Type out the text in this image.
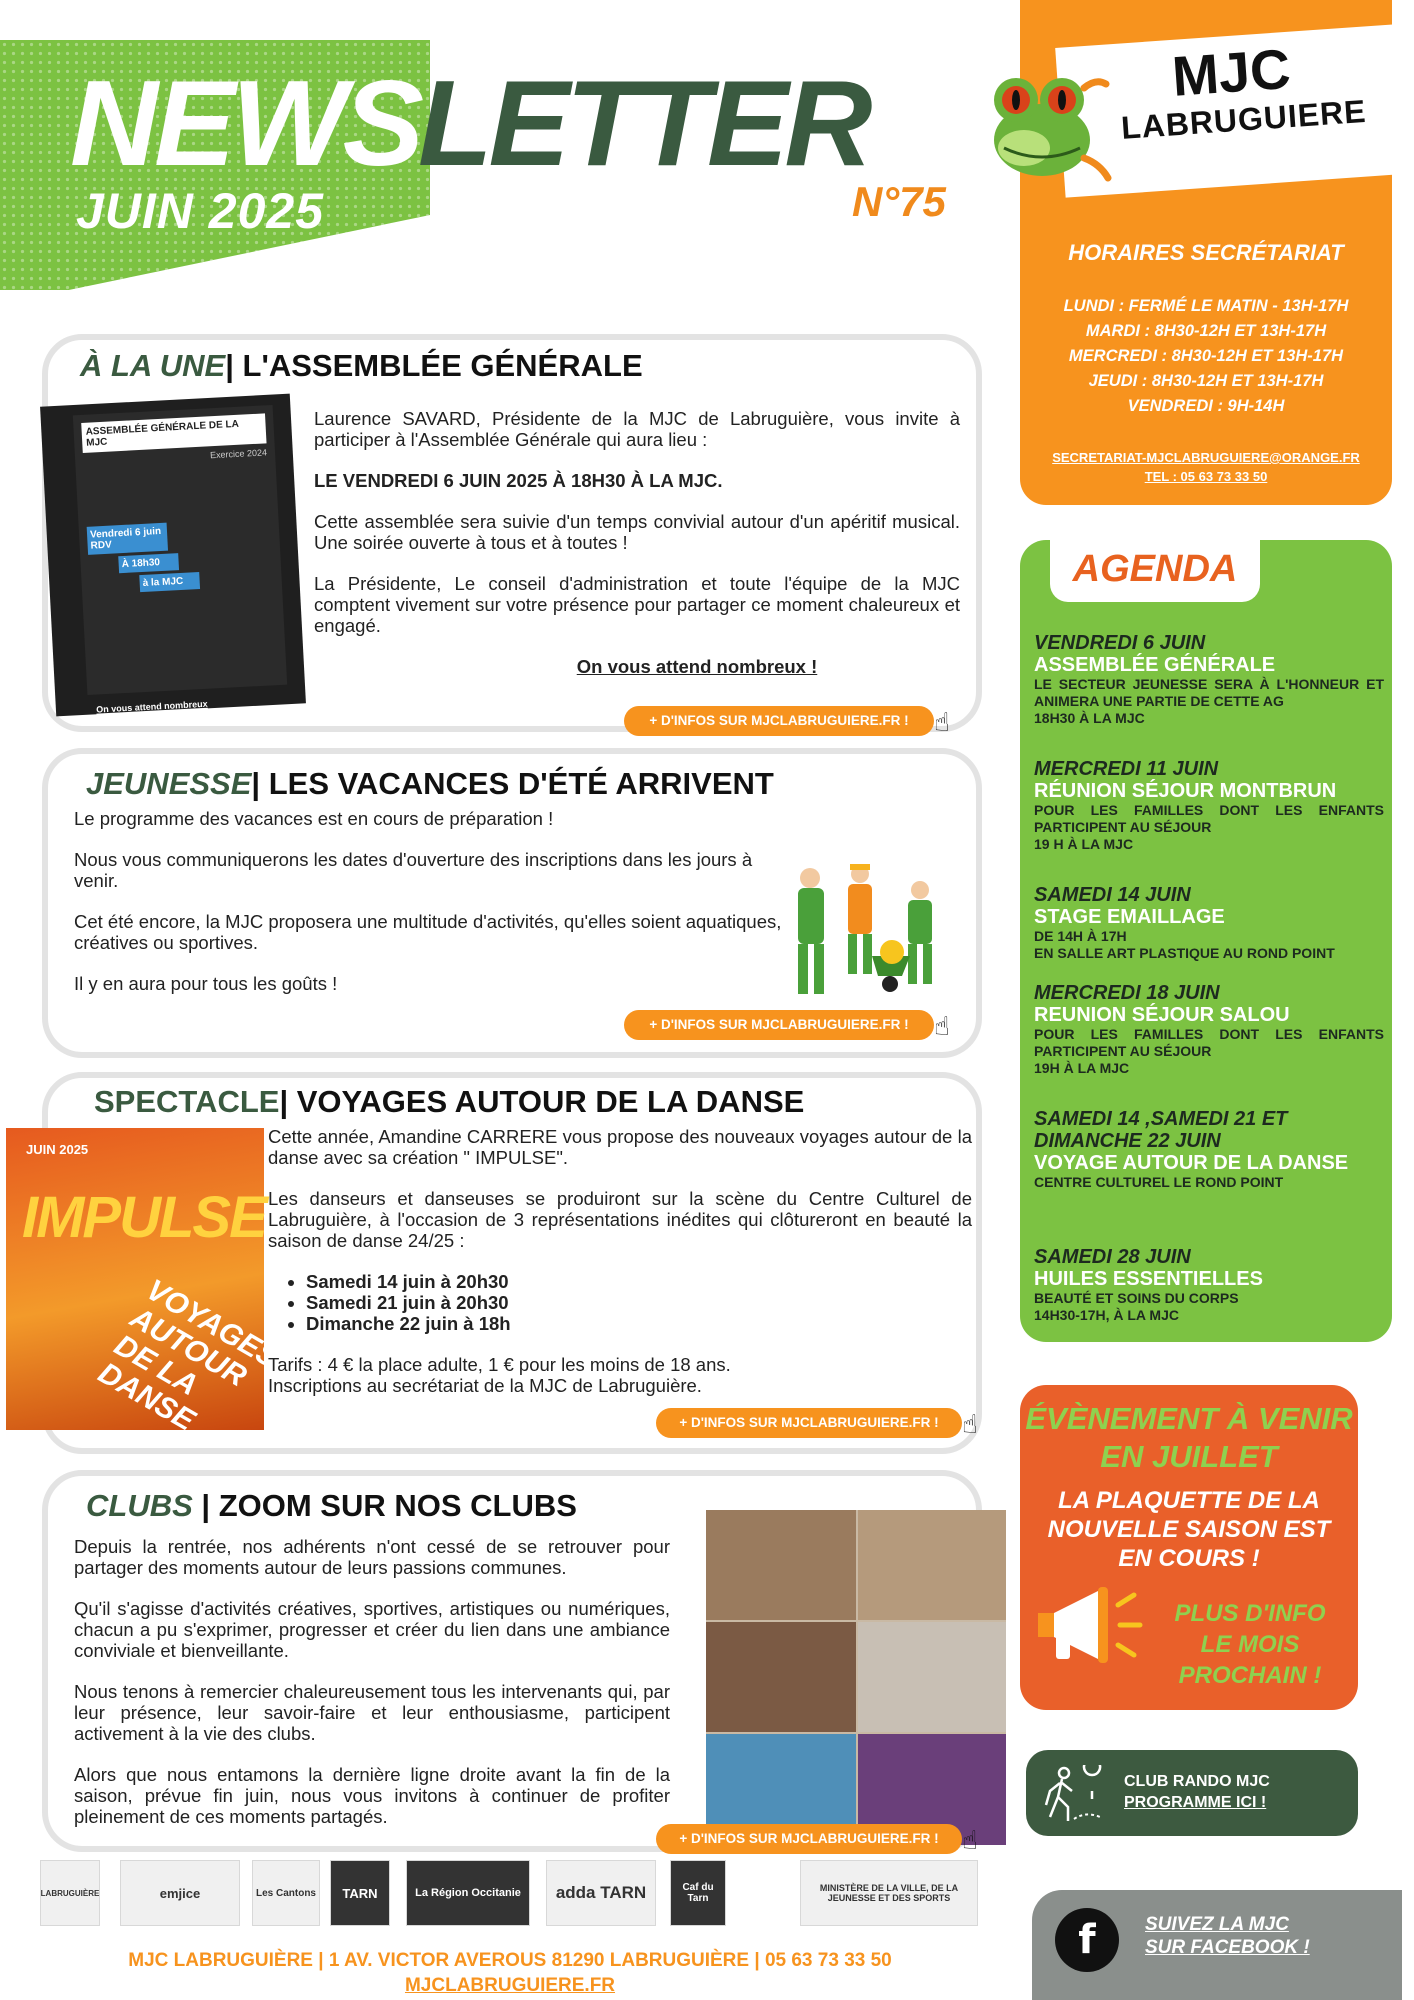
NEWS
LETTER
JUIN 2025	N°75
MJC
LABRUGUIERE
HORAIRES SECRÉTARIAT
LUNDI : FERMÉ LE MATIN - 13H-17H
MARDI : 8H30-12H ET 13H-17H
MERCREDI : 8H30-12H ET 13H-17H
JEUDI : 8H30-12H ET 13H-17H
VENDREDI : 9H-14H
SECRETARIAT-MJCLABRUGUIERE@ORANGE.FR
TEL : 05 63 73 33 50
AGENDA
VENDREDI 6 JUIN
ASSEMBLÉE GÉNÉRALE
LE SECTEUR JEUNESSE SERA À L'HONNEUR ET ANIMERA UNE PARTIE DE CETTE AG
18H30 À LA MJC
MERCREDI 11 JUIN
RÉUNION SÉJOUR MONTBRUN
POUR LES FAMILLES DONT LES ENFANTS PARTICIPENT AU SÉJOUR
19 H À LA MJC
SAMEDI 14 JUIN
STAGE EMAILLAGE
DE 14H À 17H
EN SALLE ART PLASTIQUE AU ROND POINT
MERCREDI 18 JUIN
REUNION SÉJOUR SALOU
POUR LES FAMILLES DONT LES ENFANTS PARTICIPENT AU SÉJOUR
19H À LA MJC
SAMEDI 14 ,SAMEDI 21 ET DIMANCHE 22 JUIN
VOYAGE AUTOUR DE LA DANSE
CENTRE CULTUREL LE ROND POINT
SAMEDI 28 JUIN
HUILES ESSENTIELLES
BEAUTÉ ET SOINS DU CORPS
14H30-17H, À LA MJC
ÉVÈNEMENT À VENIR EN JUILLET
LA PLAQUETTE DE LA NOUVELLE SAISON EST EN COURS !
PLUS D'INFO LE MOIS PROCHAIN !
CLUB RANDO MJC
PROGRAMME ICI !
f	SUIVEZ LA MJC
SUR FACEBOOK !
À LA UNE| L'ASSEMBLÉE GÉNÉRALE
ASSEMBLÉE GÉNÉRALE DE LA MJC
Exercice 2024
Vendredi 6 juin RDV
À 18h30
à la MJC
On vous attend nombreux

Laurence SAVARD, Présidente de la MJC de Labruguière, vous invite à participer à l'Assemblée Générale qui aura lieu :

LE VENDREDI 6 JUIN 2025 À 18H30 À LA MJC.

Cette assemblée sera suivie d'un temps convivial autour d'un apéritif musical. Une soirée ouverte à tous et à toutes !

La Présidente, Le conseil d'administration et toute l'équipe de la MJC comptent vivement sur votre présence pour partager ce moment chaleureux et engagé.

On vous attend nombreux !

+ D'INFOS SUR MJCLABRUGUIERE.FR ! ☝
JEUNESSE| LES VACANCES D'ÉTÉ ARRIVENT

Le programme des vacances est en cours de préparation !

Nous vous communiquerons les dates d'ouverture des inscriptions dans les jours à venir.

Cet été encore, la MJC proposera une multitude d'activités, qu'elles soient aquatiques, créatives ou sportives.

Il y en aura pour tous les goûts !

+ D'INFOS SUR MJCLABRUGUIERE.FR ! ☝
SPECTACLE| VOYAGES AUTOUR DE LA DANSE
JUIN 2025
IMPULSE
VOYAGES AUTOUR DE LA DANSE

Cette année, Amandine CARRERE vous propose des nouveaux voyages autour de la danse avec sa création " IMPULSE".

Les danseurs et danseuses se produiront sur la scène du Centre Culturel de Labruguière, à l'occasion de 3 représentations inédites qui clôtureront en beauté la saison de danse 24/25 :

• Samedi 14 juin à 20h30
• Samedi 21 juin à 20h30
• Dimanche 22 juin à 18h
Tarifs : 4 € la place adulte, 1 € pour les moins de 18 ans.
Inscriptions au secrétariat de la MJC de Labruguière.
+ D'INFOS SUR MJCLABRUGUIERE.FR ! ☝
CLUBS | ZOOM SUR NOS CLUBS

Depuis la rentrée, nos adhérents n'ont cessé de se retrouver pour partager des moments autour de leurs passions communes.

Qu'il s'agisse d'activités créatives, sportives, artistiques ou numériques, chacun a pu s'exprimer, progresser et créer du lien dans une ambiance conviviale et bienveillante.

Nous tenons à remercier chaleureusement tous les intervenants qui, par leur présence, leur savoir-faire et leur enthousiasme, participent activement à la vie des clubs.

Alors que nous entamons la dernière ligne droite avant la fin de la saison, prévue fin juin, nous vous invitons à continuer de profiter pleinement de ces moments partagés.

+ D'INFOS SUR MJCLABRUGUIERE.FR ! ☝
LABRUGUIÈRE	emjice	Les Cantons	TARN	La Région Occitanie	adda TARN	Caf du Tarn
MINISTÈRE DE LA VILLE, DE LA JEUNESSE ET DES SPORTS
MJC LABRUGUIÈRE | 1 AV. VICTOR AVEROUS 81290 LABRUGUIÈRE | 05 63 73 33 50
MJCLABRUGUIERE.FR
